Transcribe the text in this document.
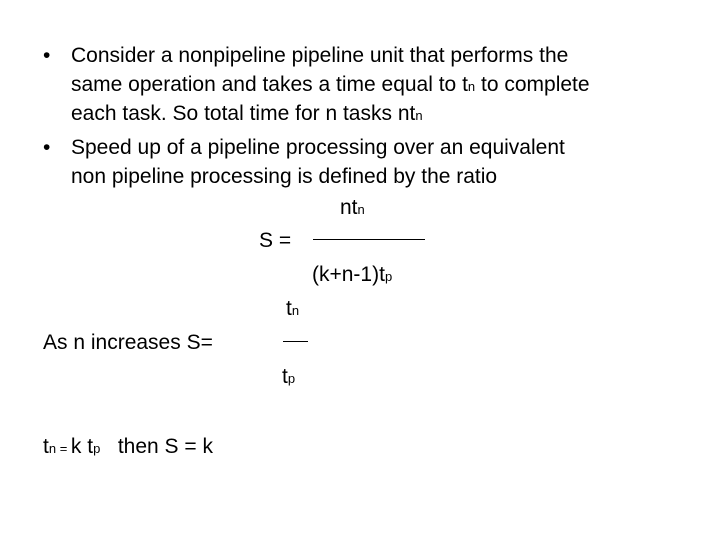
• Consider a nonpipeline pipeline unit that performs the
same operation and takes a time equal to tn to complete
each task. So total time for n tasks ntn
• Speed up of a pipeline processing over an equivalent
non pipeline processing is defined by the ratio
ntn
S =
(k+n-1)tp
tn
As n increases S=
tp
tn = k tp   then S = k
